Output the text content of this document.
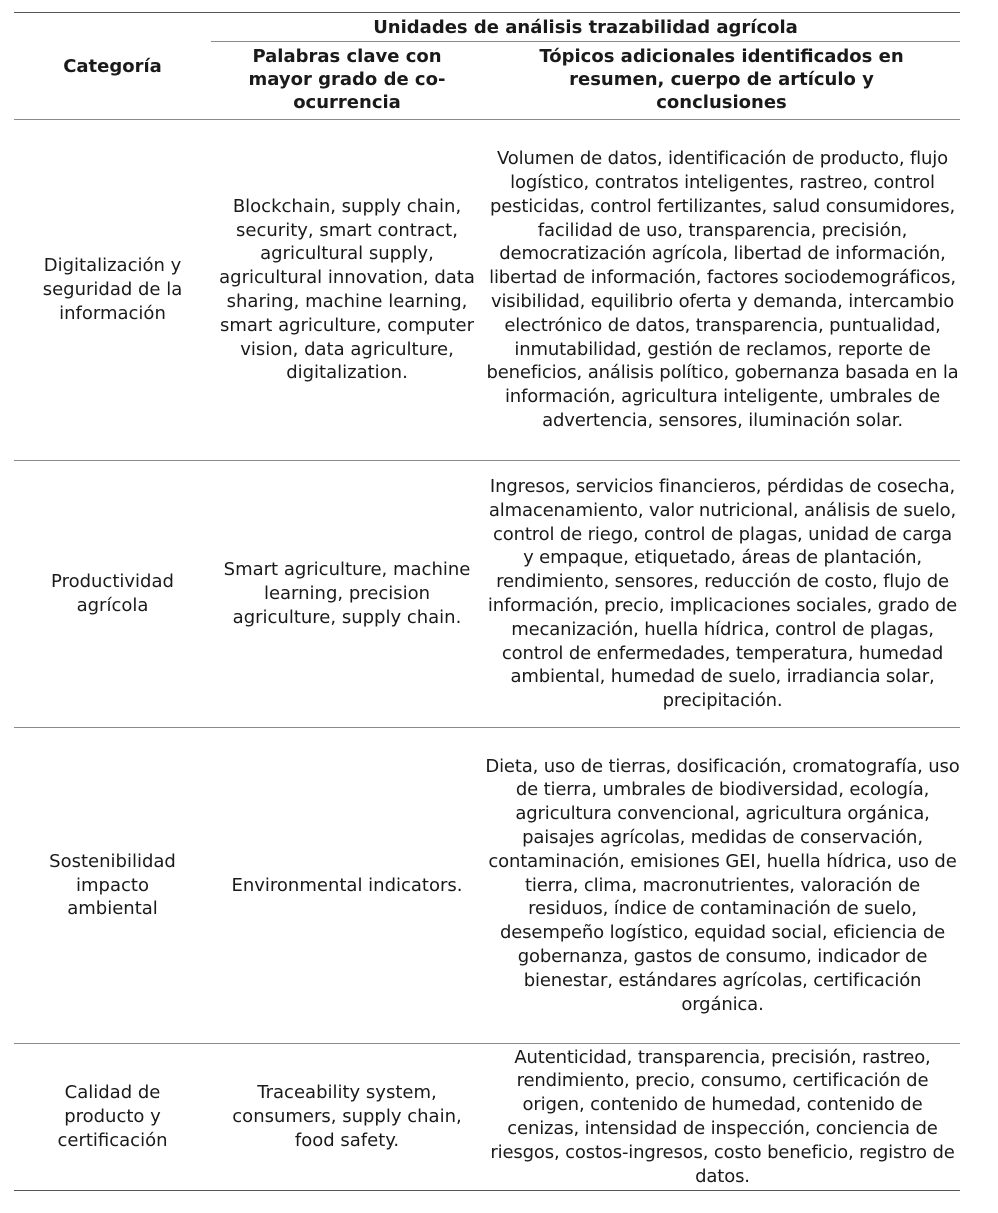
	Unidades de análisis trazabilidad agrícola	
Categoría	Palabras clave con mayor grado de co-ocurrencia	Tópicos adicionales identificados en resumen, cuerpo de artículo y conclusiones
Digitalización y seguridad de la información	Blockchain, supply chain, security, smart contract, agricultural supply, agricultural innovation, data sharing, machine learning, smart agriculture, computer vision, data agriculture, digitalization.	Volumen de datos, identificación de producto, flujo logístico, contratos inteligentes, rastreo, control pesticidas, control fertilizantes, salud consumidores, facilidad de uso, transparencia, precisión, democratización agrícola, libertad de información, libertad de información, factores sociodemográficos, visibilidad, equilibrio oferta y demanda, intercambio electrónico de datos, transparencia, puntualidad, inmutabilidad, gestión de reclamos, reporte de beneficios, análisis político, gobernanza basada en la información, agricultura inteligente, umbrales de advertencia, sensores, iluminación solar.
Productividad agrícola	Smart agriculture, machine learning, precision agriculture, supply chain.	Ingresos, servicios financieros, pérdidas de cosecha, almacenamiento, valor nutricional, análisis de suelo, control de riego, control de plagas, unidad de carga y empaque, etiquetado, áreas de plantación, rendimiento, sensores, reducción de costo, flujo de información, precio, implicaciones sociales, grado de mecanización, huella hídrica, control de plagas, control de enfermedades, temperatura, humedad ambiental, humedad de suelo, irradiancia solar, precipitación.
Sostenibilidad impacto ambiental	Environmental indicators.	Dieta, uso de tierras, dosificación, cromatografía, uso de tierra, umbrales de biodiversidad, ecología, agricultura convencional, agricultura orgánica, paisajes agrícolas, medidas de conservación, contaminación, emisiones GEI, huella hídrica, uso de tierra, clima, macronutrientes, valoración de residuos, índice de contaminación de suelo, desempeño logístico, equidad social, eficiencia de gobernanza, gastos de consumo, indicador de bienestar, estándares agrícolas, certificación orgánica.
Calidad de producto y certificación	Traceability system, consumers, supply chain, food safety.	Autenticidad, transparencia, precisión, rastreo, rendimiento, precio, consumo, certificación de origen, contenido de humedad, contenido de cenizas, intensidad de inspección, conciencia de riesgos, costos-ingresos, costo beneficio, registro de datos.
